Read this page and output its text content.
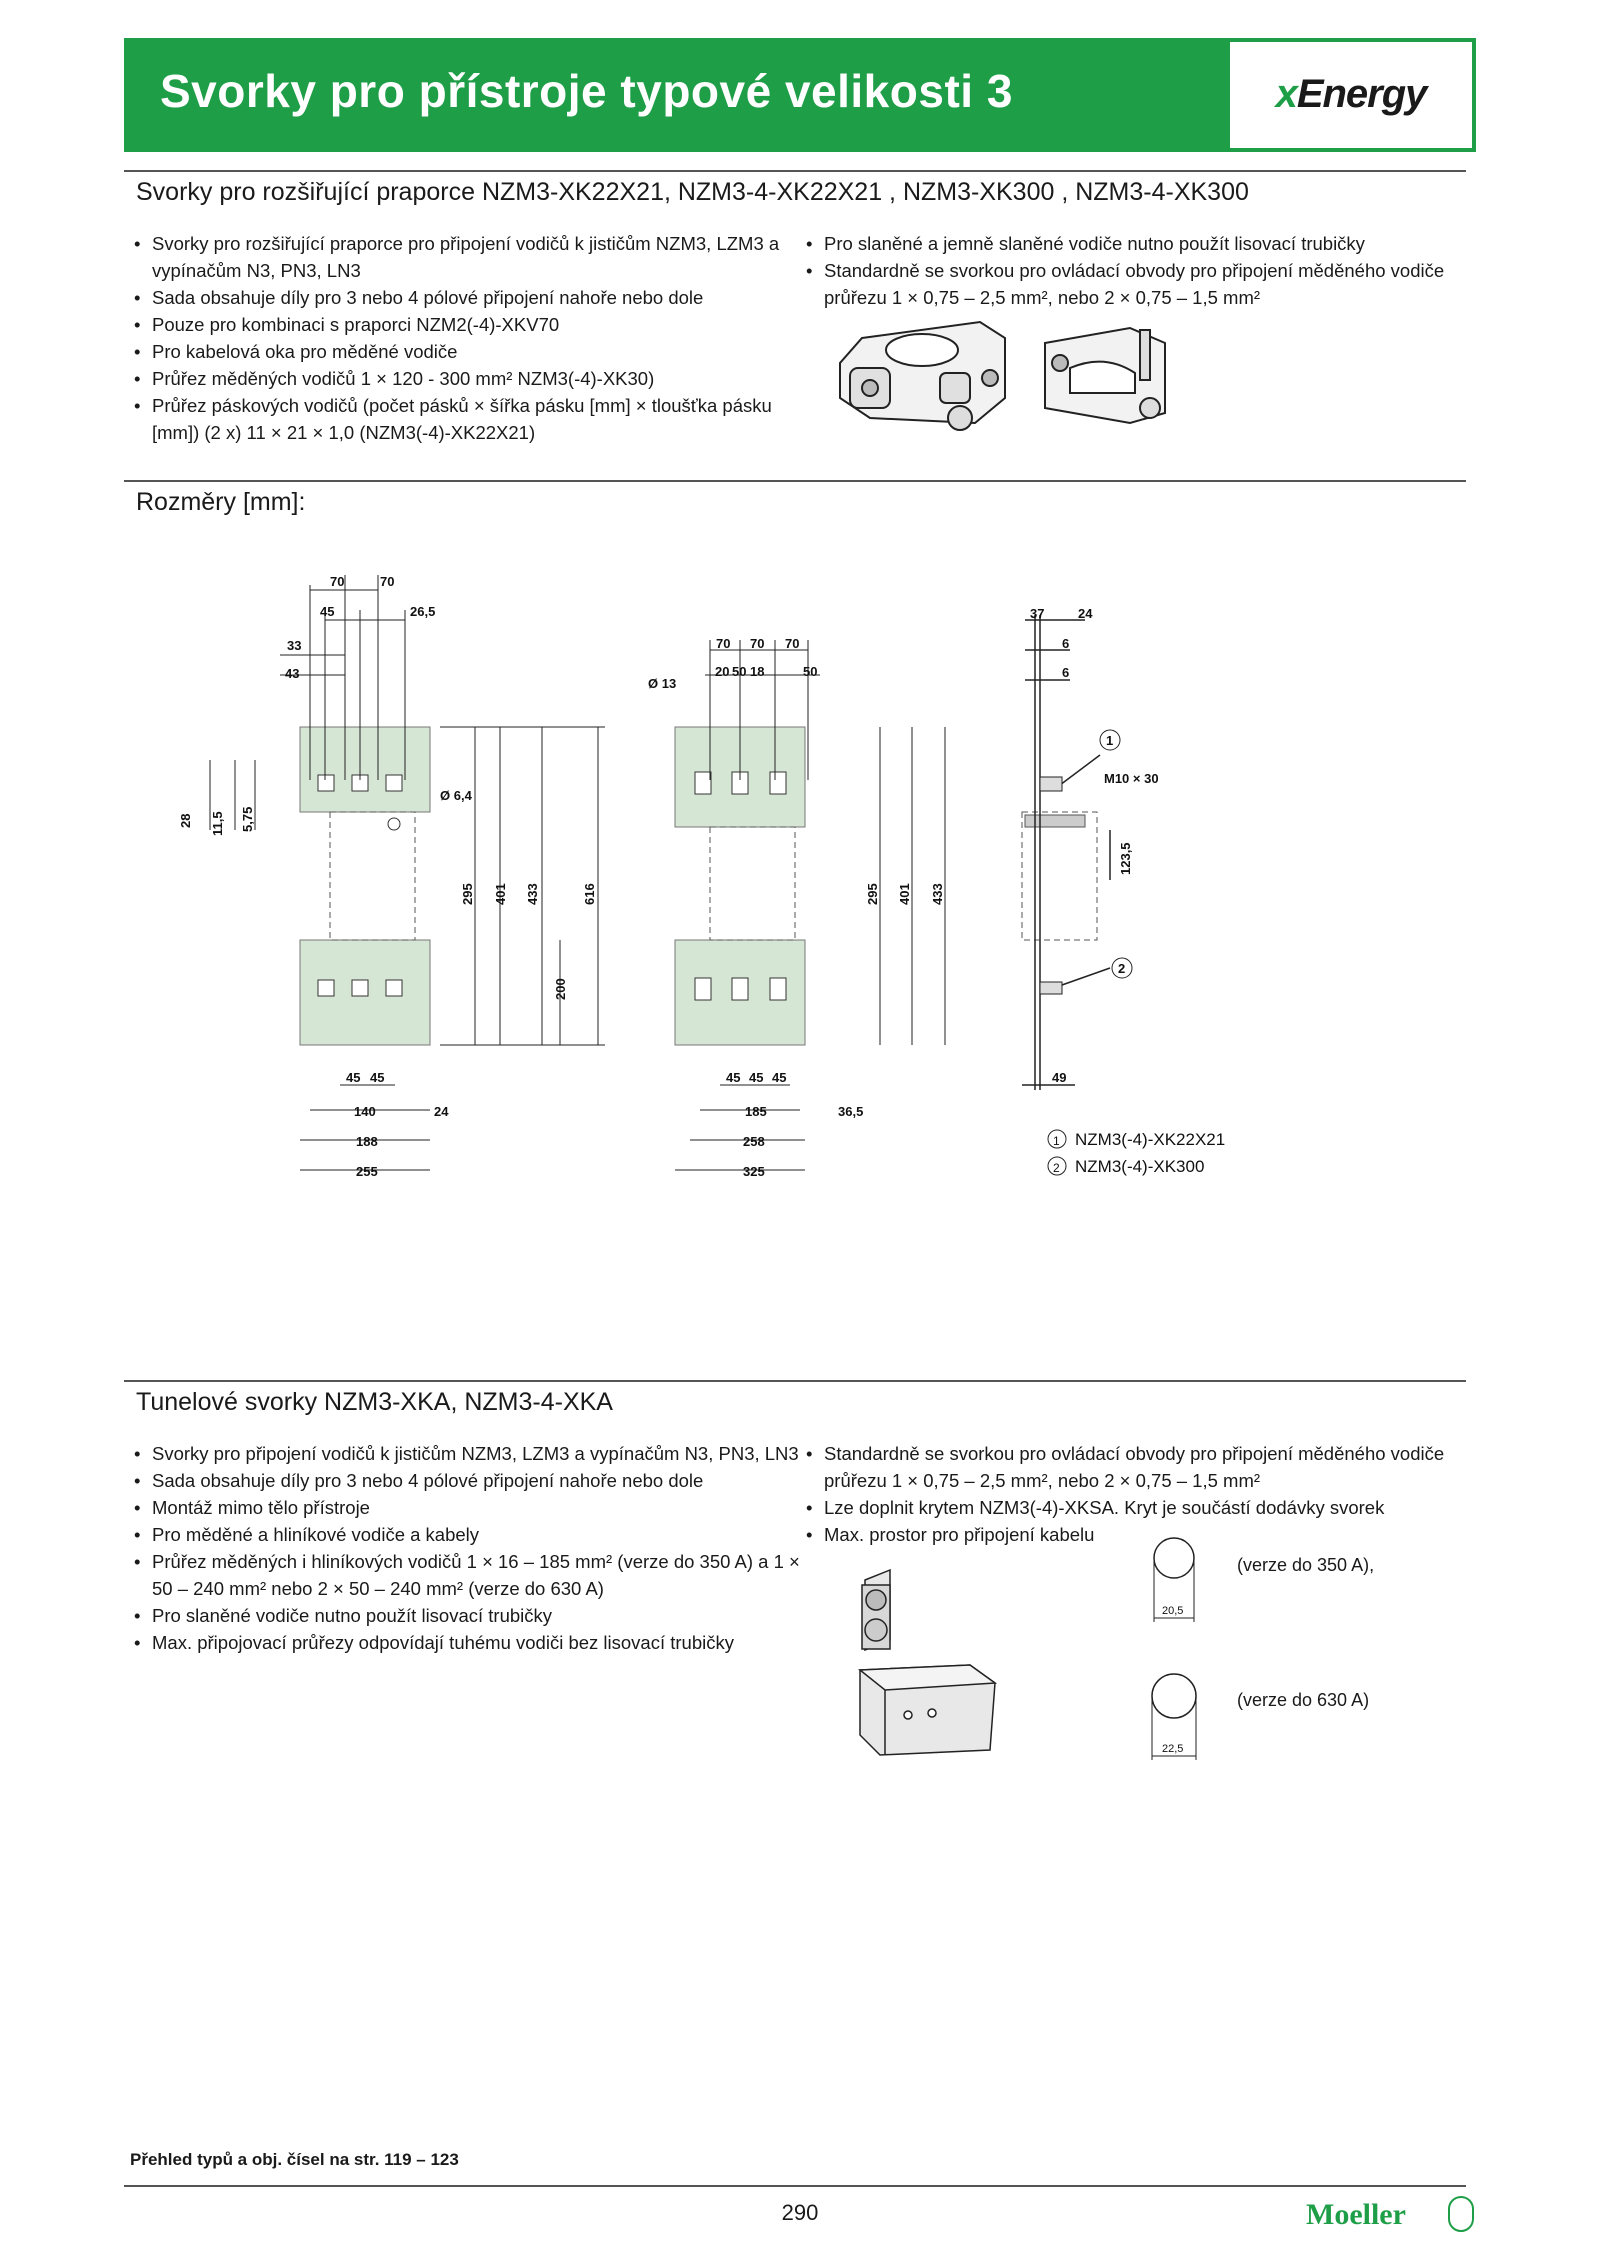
Svorky pro přístroje typové velikosti 3	xEnergy
Svorky pro rozšiřující praporce NZM3-XK22X21, NZM3-4-XK22X21 , NZM3-XK300 , NZM3-4-XK300
• Svorky pro rozšiřující praporce pro připojení vodičů k jističům NZM3, LZM3 a vypínačům N3, PN3, LN3
• Sada obsahuje díly pro 3 nebo 4 pólové připojení nahoře nebo dole
• Pouze pro kombinaci s praporci NZM2(-4)-XKV70
• Pro kabelová oka pro měděné vodiče
• Průřez měděných vodičů 1 × 120 - 300 mm² NZM3(-4)-XK30)
• Průřez páskových vodičů (počet pásků × šířka pásku [mm] × tloušťka pásku [mm]) (2 x) 11 × 21 × 1,0 (NZM3(-4)-XK22X21)
• Pro slaněné a jemně slaněné vodiče nutno použít lisovací trubičky
• Standardně se svorkou pro ovládací obvody pro připojení měděného vodiče průřezu 1 × 0,75 – 2,5 mm², nebo 2 × 0,75 – 1,5 mm²
Rozměry [mm]:
70	70
45	26,5
33
43
28 11,5 5,75
Ø 6,4
295 401 433	616
200
45 45
140	24
188
255
70 70 70
20 50 18	50
Ø 13
295 401 433
45 45 45
185	36,5
258
325
1
2
37	24
6
6
M10 × 30
123,5
49
1 NZM3(-4)-XK22X21
2 NZM3(-4)-XK300
Tunelové svorky NZM3-XKA, NZM3-4-XKA
• Svorky pro připojení vodičů k jističům NZM3, LZM3 a vypínačům N3, PN3, LN3
• Sada obsahuje díly pro 3 nebo 4 pólové připojení nahoře nebo dole
• Montáž mimo tělo přístroje
• Pro měděné a hliníkové vodiče a kabely
• Průřez měděných i hliníkových vodičů 1 × 16 – 185 mm² (verze do 350 A) a 1 × 50 – 240 mm² nebo 2 × 50 – 240 mm² (verze do 630 A)
• Pro slaněné vodiče nutno použít lisovací trubičky
• Max. připojovací průřezy odpovídají tuhému vodiči bez lisovací trubičky
• Standardně se svorkou pro ovládací obvody pro připojení měděného vodiče průřezu 1 × 0,75 – 2,5 mm², nebo 2 × 0,75 – 1,5 mm²
• Lze doplnit krytem NZM3(-4)-XKSA. Kryt je součástí dodávky svorek
• Max. prostor pro připojení kabelu
20,5
(verze do 350 A),
22,5
(verze do 630 A)
Přehled typů a obj. čísel na str. 119 – 123
290	Moeller
